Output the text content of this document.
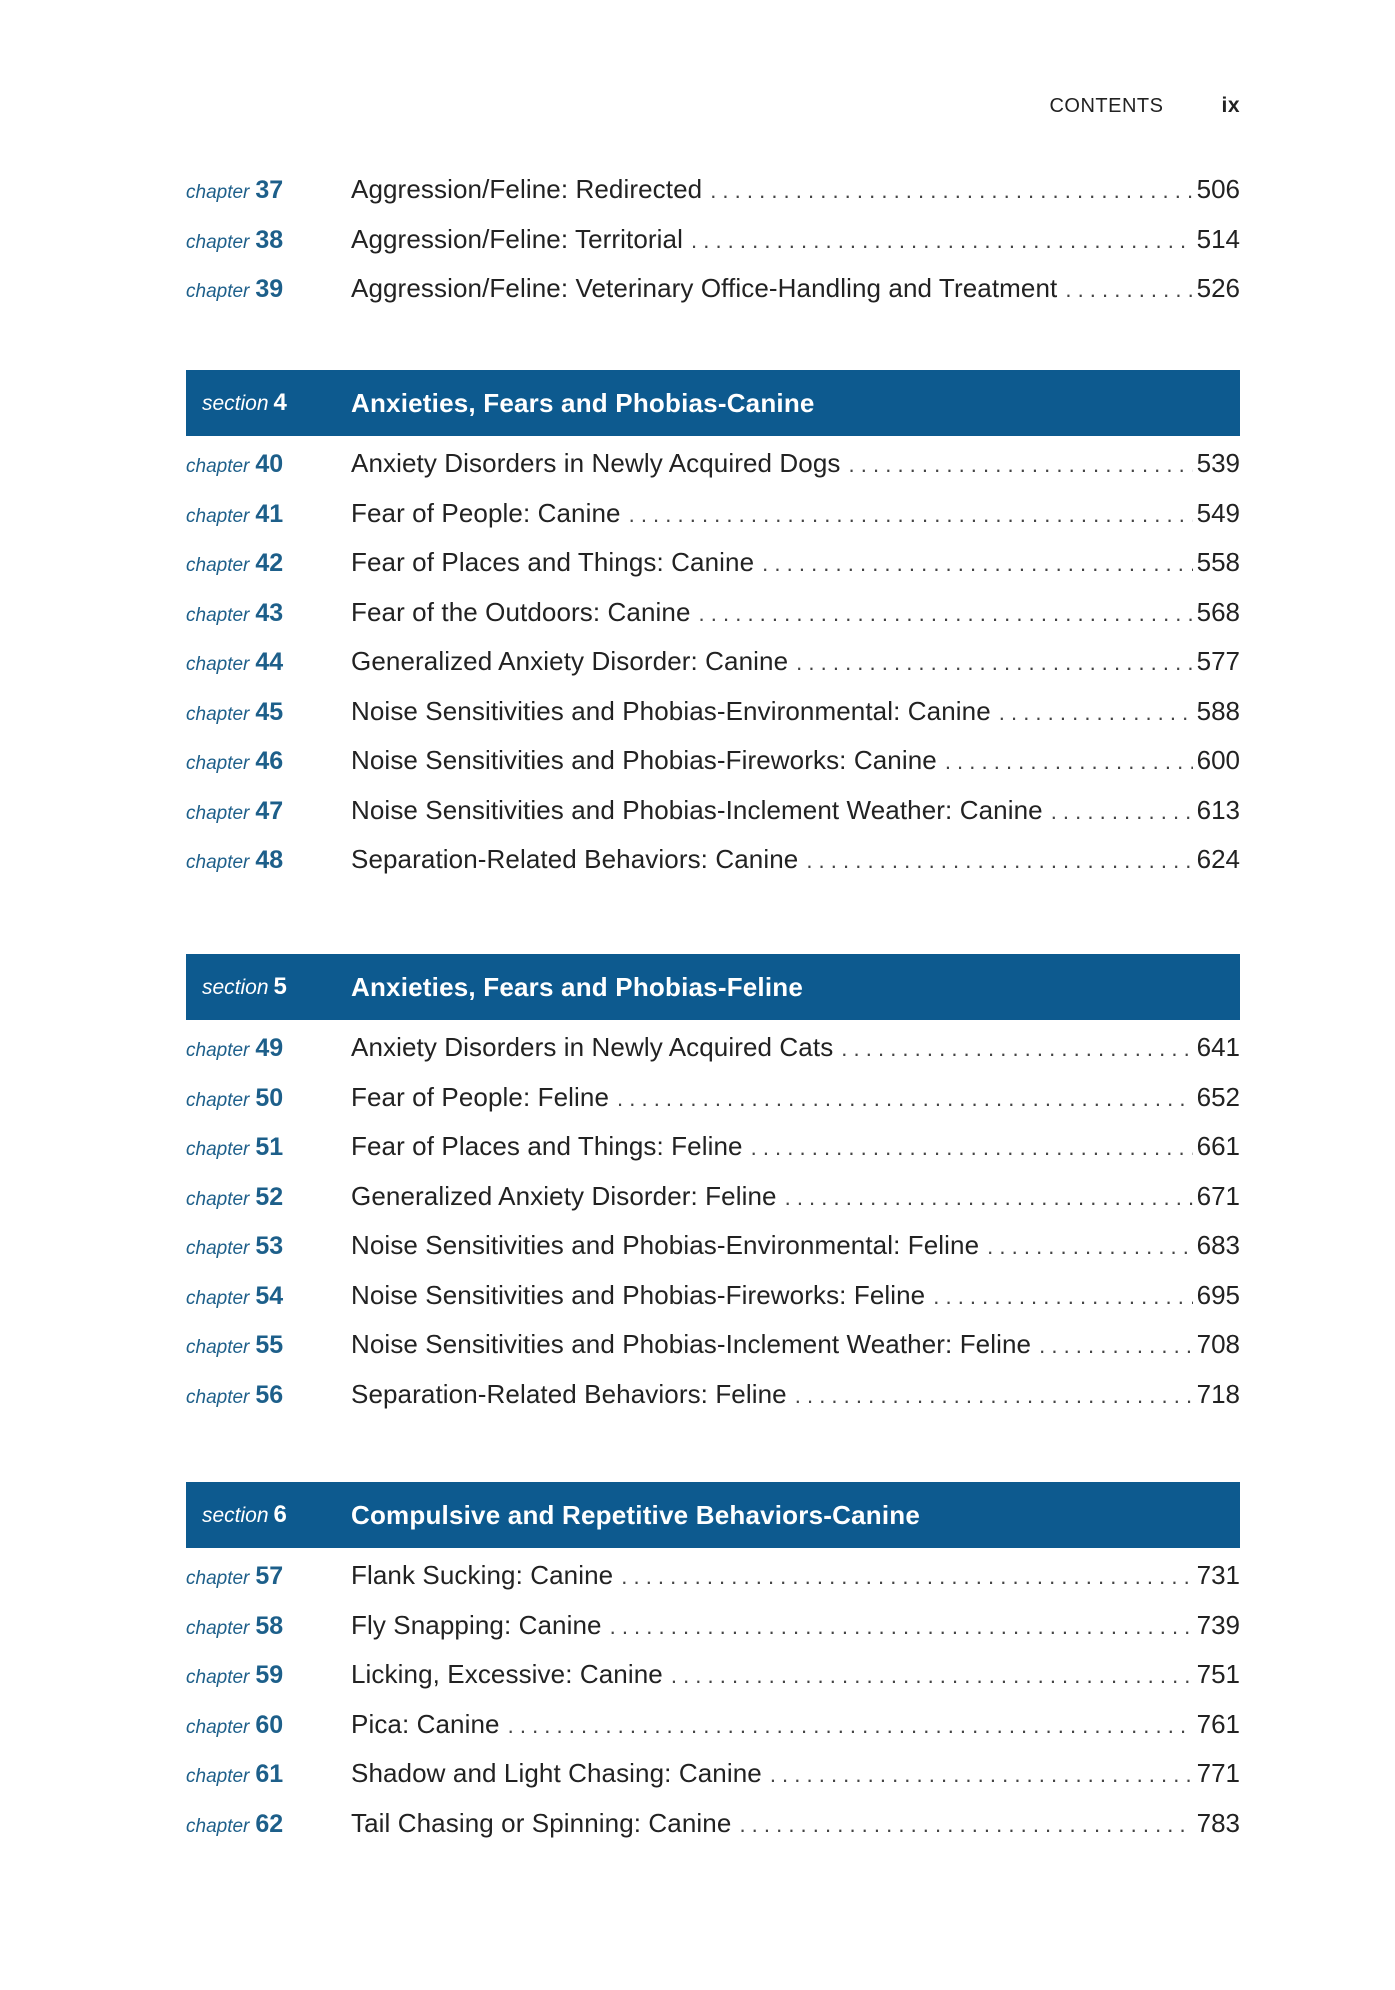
CONTENTS	ix
chapter 37	Aggression/Feline: Redirected . . .	506
chapter 38	Aggression/Feline: Territorial . . .	514
chapter 39	Aggression/Feline: Veterinary Office-Handling and Treatment . . .	526
section 4	Anxieties, Fears and Phobias-Canine
chapter 40	Anxiety Disorders in Newly Acquired Dogs . . .	539
chapter 41	Fear of People: Canine . . .	549
chapter 42	Fear of Places and Things: Canine . . .	558
chapter 43	Fear of the Outdoors: Canine . . .	568
chapter 44	Generalized Anxiety Disorder: Canine . . .	577
chapter 45	Noise Sensitivities and Phobias-Environmental: Canine . . .	588
chapter 46	Noise Sensitivities and Phobias-Fireworks: Canine . . .	600
chapter 47	Noise Sensitivities and Phobias-Inclement Weather: Canine . . .	613
chapter 48	Separation-Related Behaviors: Canine . . .	624
section 5	Anxieties, Fears and Phobias-Feline
chapter 49	Anxiety Disorders in Newly Acquired Cats . . .	641
chapter 50	Fear of People: Feline . . .	652
chapter 51	Fear of Places and Things: Feline . . .	661
chapter 52	Generalized Anxiety Disorder: Feline . . .	671
chapter 53	Noise Sensitivities and Phobias-Environmental: Feline . . .	683
chapter 54	Noise Sensitivities and Phobias-Fireworks: Feline . . .	695
chapter 55	Noise Sensitivities and Phobias-Inclement Weather: Feline . . .	708
chapter 56	Separation-Related Behaviors: Feline . . .	718
section 6	Compulsive and Repetitive Behaviors-Canine
chapter 57	Flank Sucking: Canine . . .	731
chapter 58	Fly Snapping: Canine . . .	739
chapter 59	Licking, Excessive: Canine . . .	751
chapter 60	Pica: Canine . . .	761
chapter 61	Shadow and Light Chasing: Canine . . .	771
chapter 62	Tail Chasing or Spinning: Canine . . .	783
